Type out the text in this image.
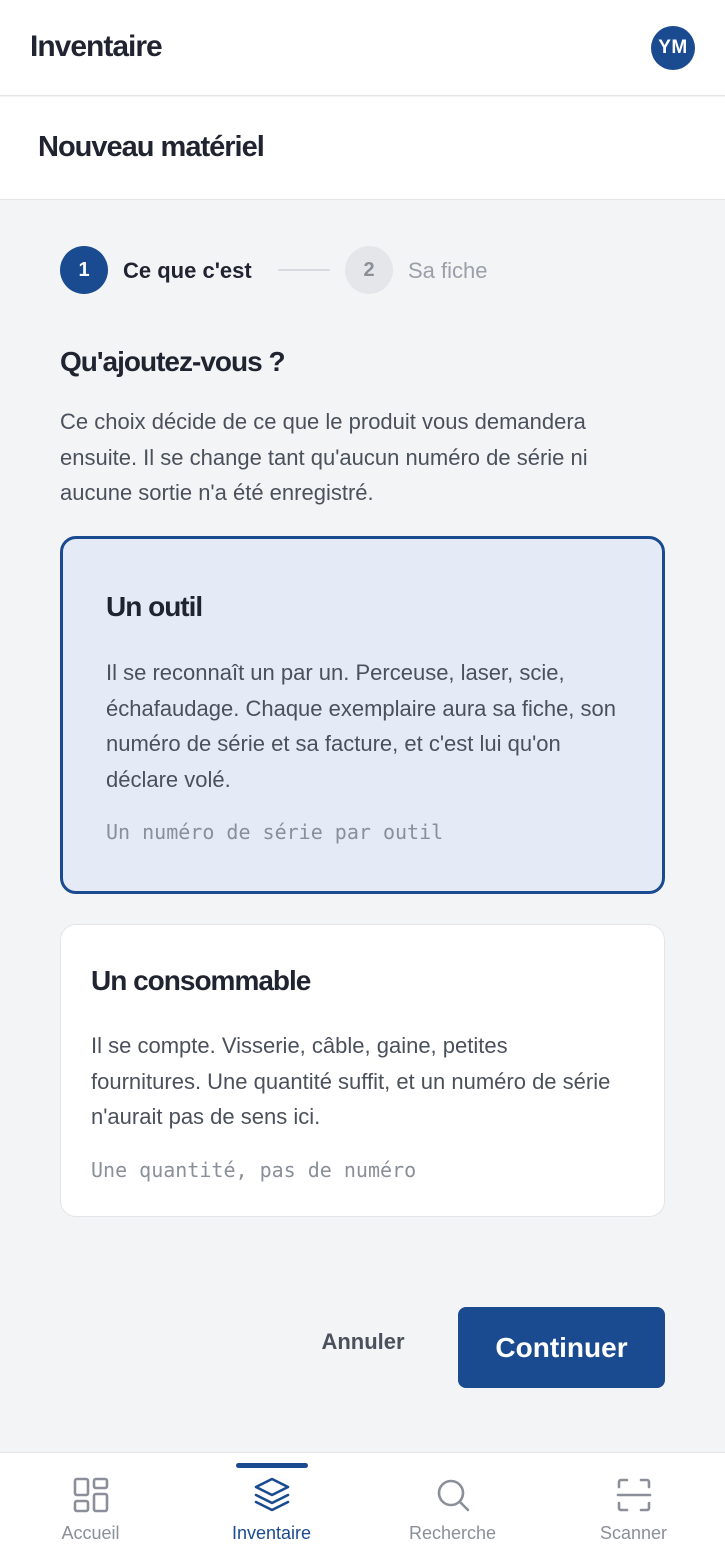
Inventaire	YM
Nouveau matériel
1	Ce que c'est	2	Sa fiche
Qu'ajoutez-vous ?

Ce choix décide de ce que le produit vous demandera ensuite. Il se change tant qu'aucun numéro de série ni aucune sortie n'a été enregistré.

Un outil
Il se reconnaît un par un. Perceuse, laser, scie, échafaudage. Chaque exemplaire aura sa fiche, son numéro de série et sa facture, et c'est lui qu'on déclare volé.
Un numéro de série par outil
Un consommable
Il se compte. Visserie, câble, gaine, petites fournitures. Une quantité suffit, et un numéro de série n'aurait pas de sens ici.
Une quantité, pas de numéro
Annuler	Continuer
Accueil	Inventaire	Recherche	Scanner
